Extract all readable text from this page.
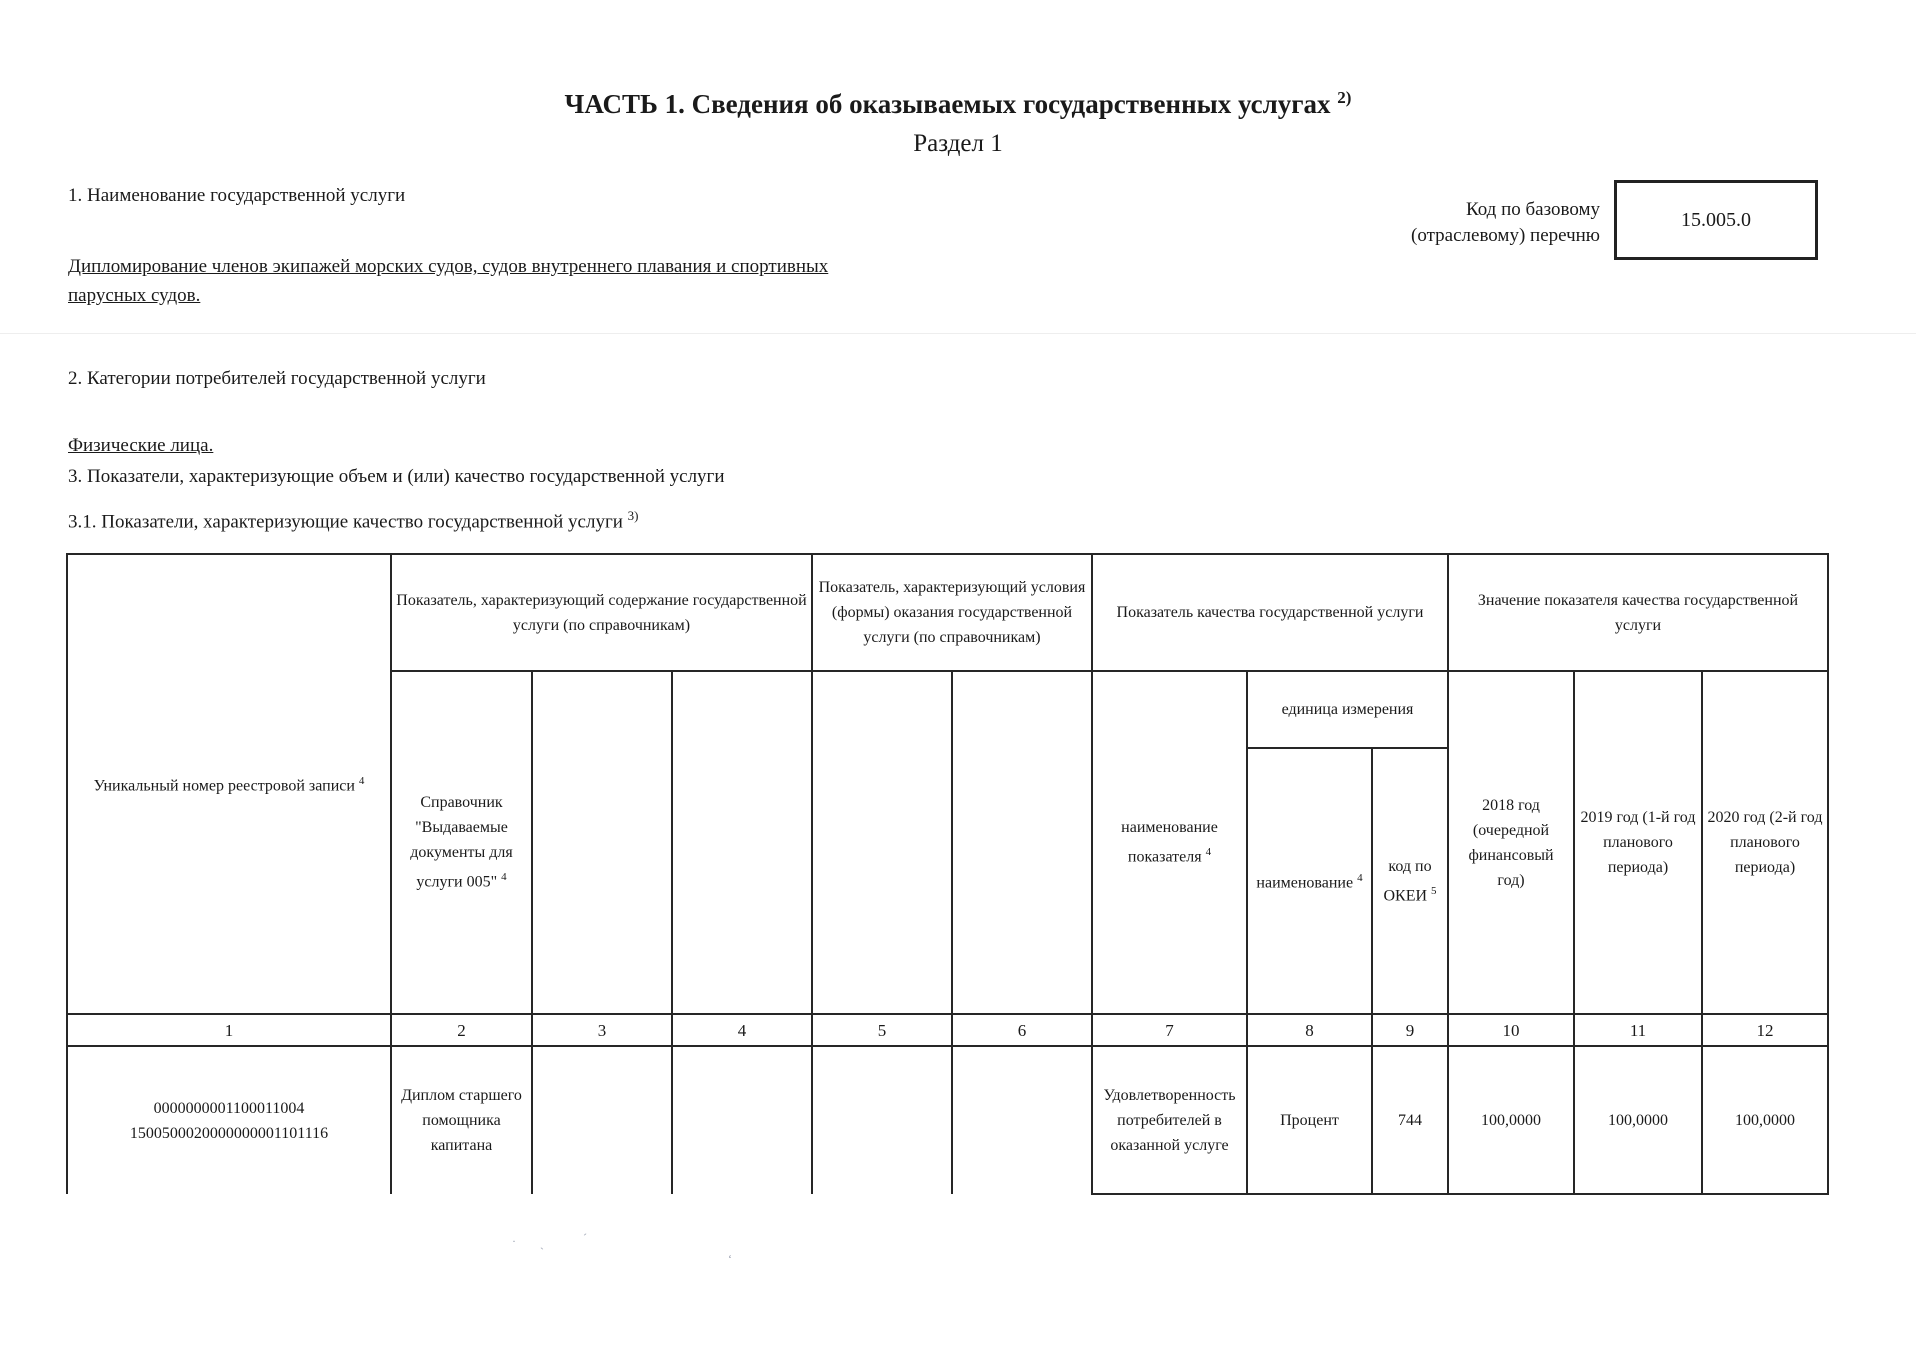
ЧАСТЬ 1. Сведения об оказываемых государственных услугах $^{2)}$
Раздел 1
1. Наименование государственной услуги
Дипломирование членов экипажей морских судов, судов внутреннего плавания и спортивных
парусных судов.
Код по базовому
(отраслевому) перечню
15.005.0
2. Категории потребителей государственной услуги
Физические лица.
3. Показатели, характеризующие объем и (или) качество государственной услуги
3.1. Показатели, характеризующие качество государственной услуги $^{3)}$
Уникальный номер реестровой записи $^4$	Показатель, характеризующий содержание государственной услуги (по справочникам)			Показатель, характеризующий условия (формы) оказания государственной услуги (по справочникам)		Показатель качества государственной услуги			Значение показателя качества государственной услуги		
	Справочник "Выдаваемые документы для услуги 005" $^4$					наименование показателя $^4$	единица измерения		2018 год (очередной финансовый год)	2019 год (1-й год планового периода)	2020 год (2-й год планового периода)
							наименование $^4$	код по ОКЕИ $^5$
1	2	3	4	5	6	7	8	9	10	11	12

0000000001100011004
1500500020000000001101116	Диплом старшего помощника капитана					Удовлетворенность потребителей в оказанной услуге	Процент	744	100,0000	100,0000	100,0000
· ˏ	ˊ
ʻ
